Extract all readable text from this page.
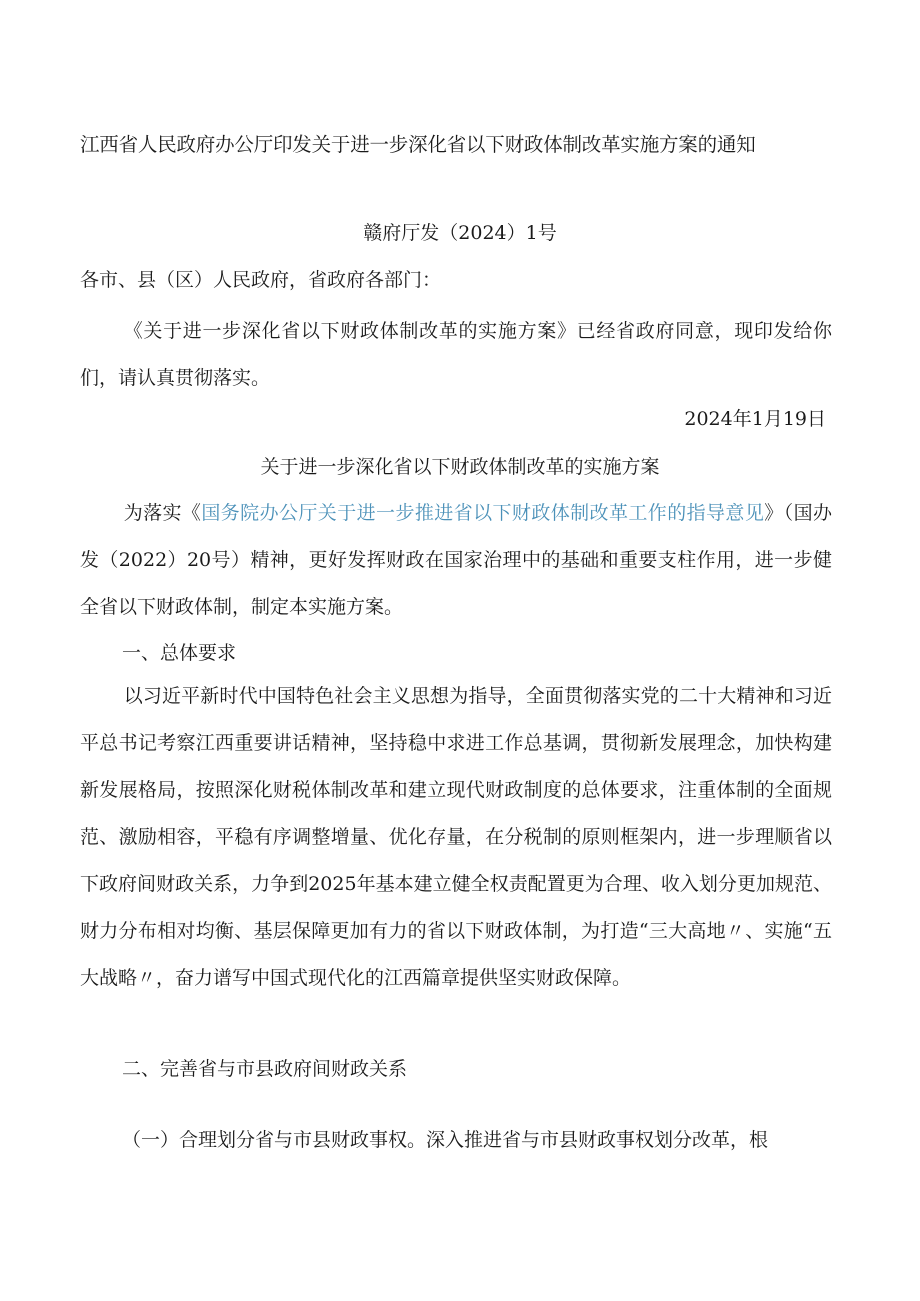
江西省人民政府办公厅印发关于进一步深化省以下财政体制改革实施方案的通知
赣府厅发（2024）1号
各市、县（区）人民政府，省政府各部门：
《关于进一步深化省以下财政体制改革的实施方案》已经省政府同意，现印发给你们，请认真贯彻落实。
2024年1月19日
关于进一步深化省以下财政体制改革的实施方案
为落实《国务院办公厅关于进一步推进省以下财政体制改革工作的指导意见》（国办发（2022）20号）精神，更好发挥财政在国家治理中的基础和重要支柱作用，进一步健全省以下财政体制，制定本实施方案。
一、总体要求
以习近平新时代中国特色社会主义思想为指导，全面贯彻落实党的二十大精神和习近平总书记考察江西重要讲话精神，坚持稳中求进工作总基调，贯彻新发展理念，加快构建新发展格局，按照深化财税体制改革和建立现代财政制度的总体要求，注重体制的全面规范、激励相容，平稳有序调整增量、优化存量，在分税制的原则框架内，进一步理顺省以下政府间财政关系，力争到2025年基本建立健全权责配置更为合理、收入划分更加规范、财力分布相对均衡、基层保障更加有力的省以下财政体制，为打造“三大高地〃、实施“五大战略〃，奋力谱写中国式现代化的江西篇章提供坚实财政保障。
二、完善省与市县政府间财政关系
（一）合理划分省与市县财政事权。深入推进省与市县财政事权划分改革，根
